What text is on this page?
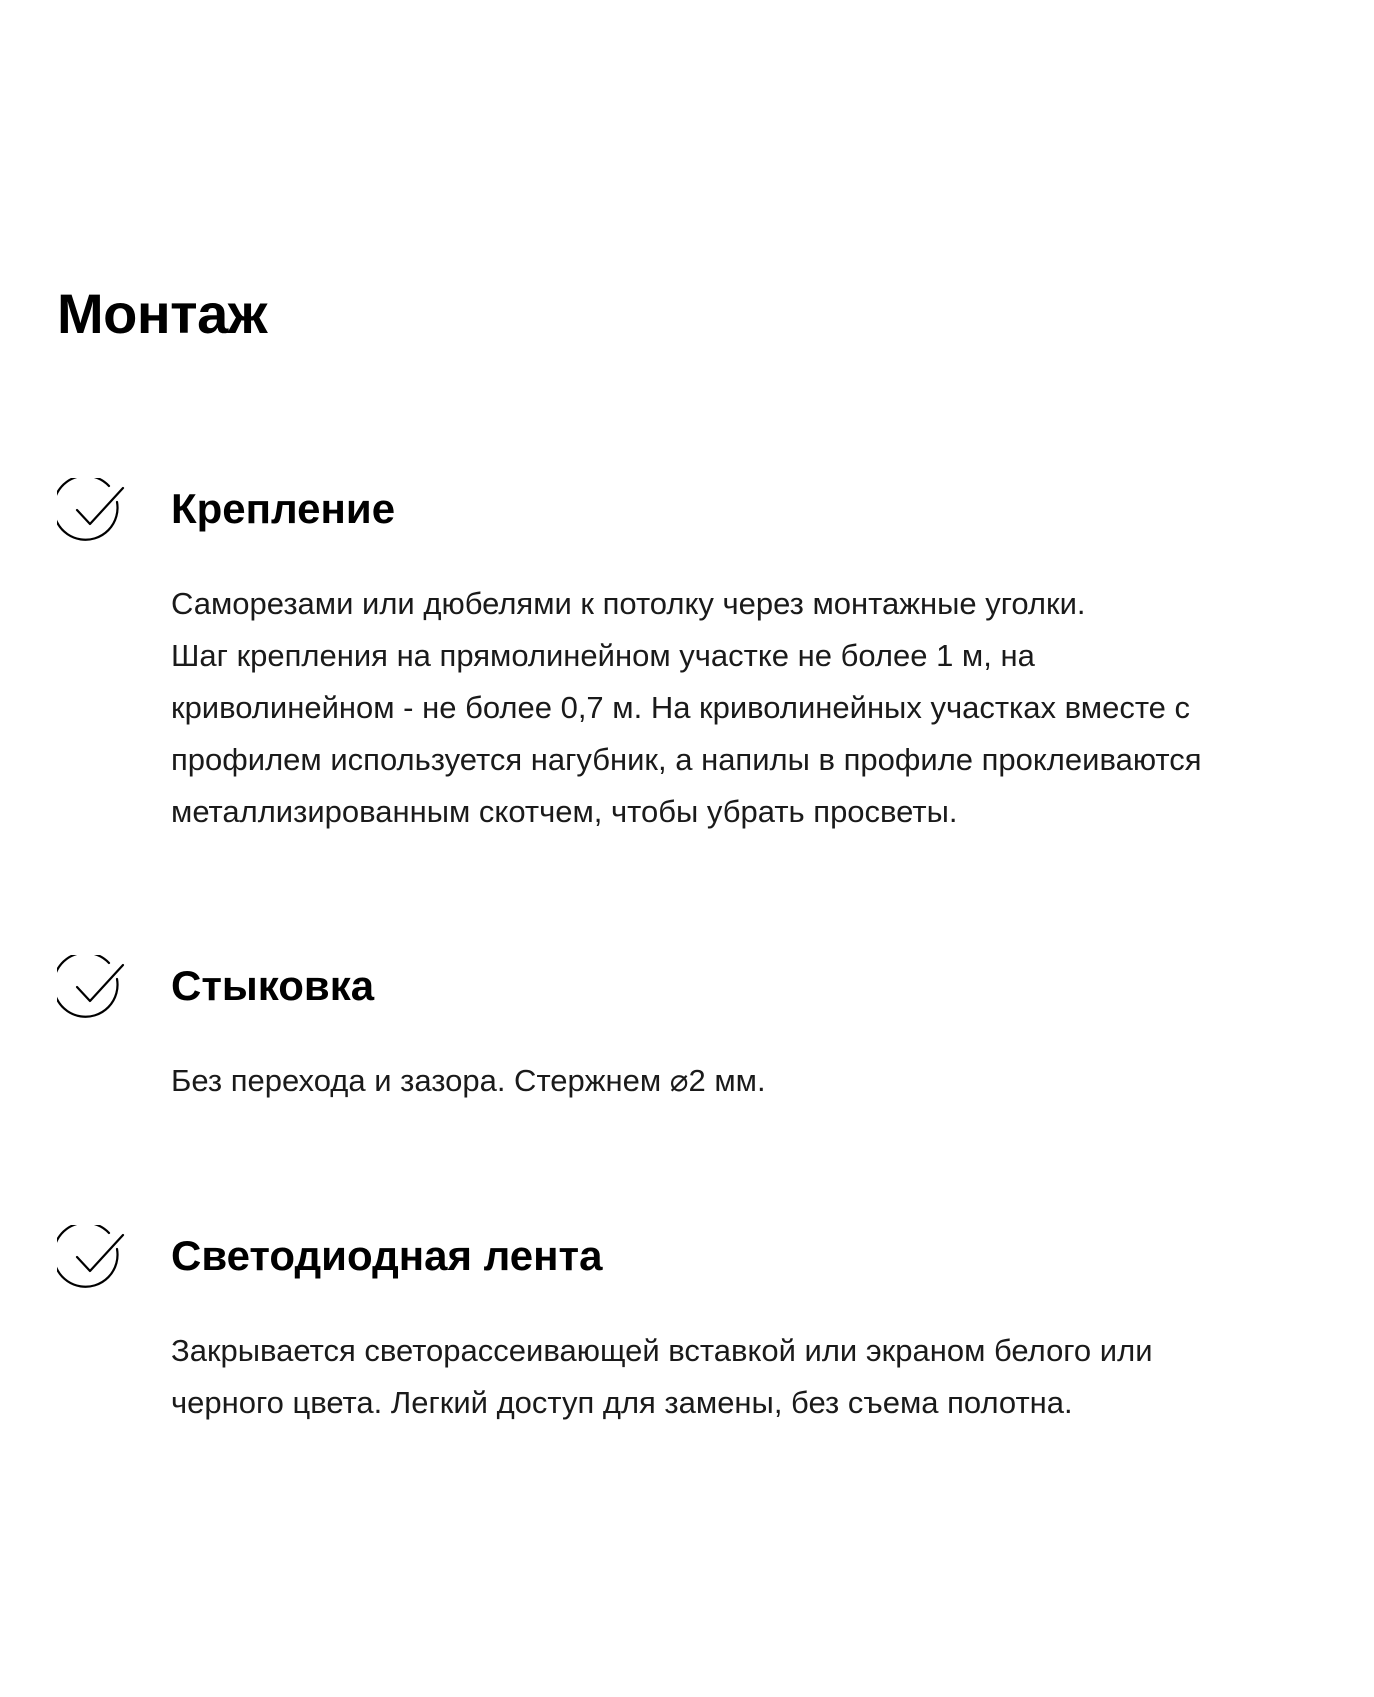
Монтаж
Крепление

Саморезами или дюбелями к потолку через монтажные уголки.
Шаг крепления на прямолинейном участке не более 1 м, на
криволинейном - не более 0,7 м. На криволинейных участках вместе с
профилем используется нагубник, а напилы в профиле проклеиваются
металлизированным скотчем, чтобы убрать просветы.

Стыковка

Без перехода и зазора. Стержнем ⌀2 мм.

Светодиодная лента

Закрывается светорассеивающей вставкой или экраном белого или
черного цвета. Легкий доступ для замены, без съема полотна.
